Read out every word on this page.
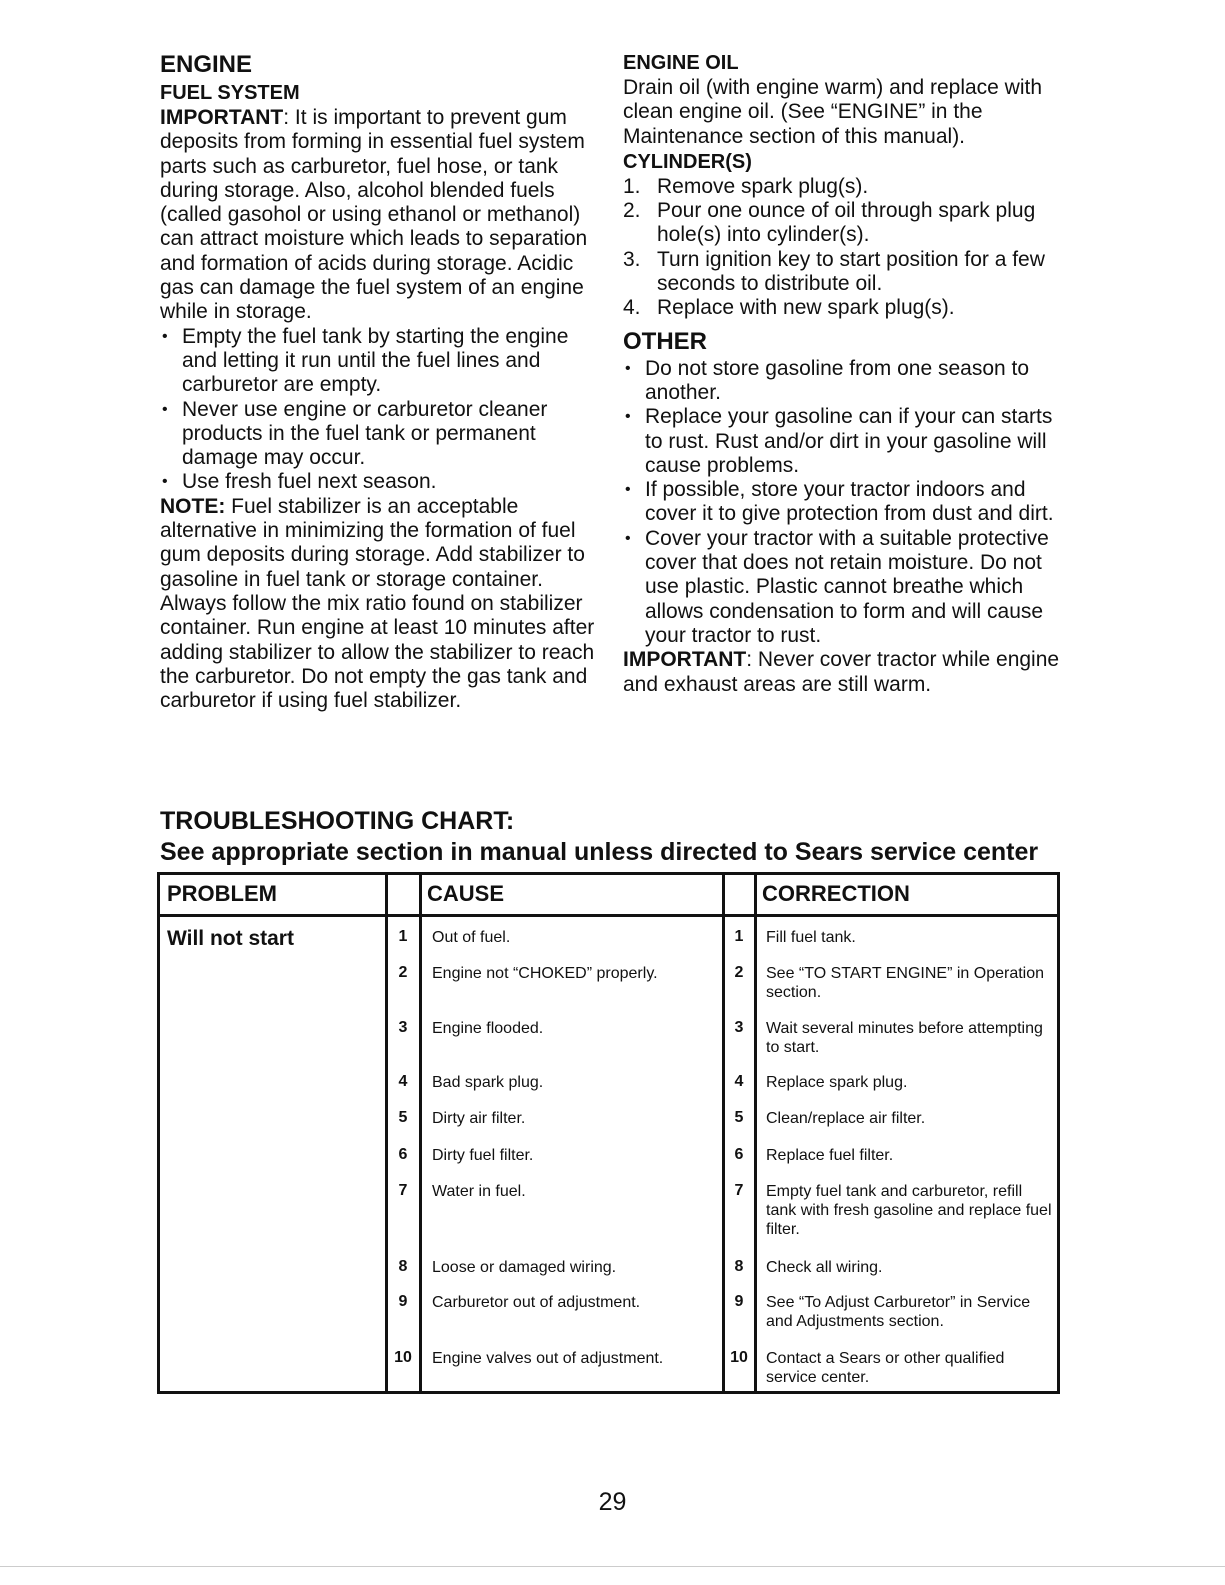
ENGINE
FUEL SYSTEM

IMPORTANT: It is important to prevent gum deposits from forming in essential fuel system parts such as carburetor, fuel hose, or tank during storage. Also, alcohol blended fuels (called gasohol or using ethanol or methanol) can attract moisture which leads to separation and formation of acids during storage. Acidic gas can damage the fuel system of an engine while in storage.

• Empty the fuel tank by starting the engine and letting it run until the fuel lines and carburetor are empty.
• Never use engine or carburetor cleaner products in the fuel tank or permanent damage may occur.
• Use fresh fuel next season.

NOTE: Fuel stabilizer is an acceptable alternative in minimizing the formation of fuel gum deposits during storage. Add stabilizer to gasoline in fuel tank or storage container. Always follow the mix ratio found on stabilizer container. Run engine at least 10 minutes after adding stabilizer to allow the stabilizer to reach the carburetor. Do not empty the gas tank and carburetor if using fuel stabilizer.

ENGINE OIL

Drain oil (with engine warm) and replace with clean engine oil. (See “ENGINE” in the Maintenance section of this manual).

CYLINDER(S)
1. Remove spark plug(s).
2. Pour one ounce of oil through spark plug hole(s) into cylinder(s).
3. Turn ignition key to start position for a few seconds to distribute oil.
4. Replace with new spark plug(s).
OTHER
• Do not store gasoline from one season to another.
• Replace your gasoline can if your can starts to rust. Rust and/or dirt in your gasoline will cause problems.
• If possible, store your tractor indoors and cover it to give protection from dust and dirt.
• Cover your tractor with a suitable protective cover that does not retain moisture. Do not use plastic. Plastic cannot breathe which allows condensation to form and will cause your tractor to rust.

IMPORTANT: Never cover tractor while engine and exhaust areas are still warm.

TROUBLESHOOTING CHART:
See appropriate section in manual unless directed to Sears service center
PROBLEM	CAUSE	CORRECTION
Will not start	1	Out of fuel.	1	Fill fuel tank.
2	Engine not “CHOKED” properly.	2	See “TO START ENGINE” in Operation section.
3	Engine flooded.	3	Wait several minutes before attempting to start.
4	Bad spark plug.	4	Replace spark plug.
5	Dirty air filter.	5	Clean/replace air filter.
6	Dirty fuel filter.	6	Replace fuel filter.
7	Water in fuel.	7	Empty fuel tank and carburetor, refill tank with fresh gasoline and replace fuel filter.
8	Loose or damaged wiring.	8	Check all wiring.
9	Carburetor out of adjustment.	9	See “To Adjust Carburetor” in Service and Adjustments section.
10	Engine valves out of adjustment.	10	Contact a Sears or other qualified service center.
29
